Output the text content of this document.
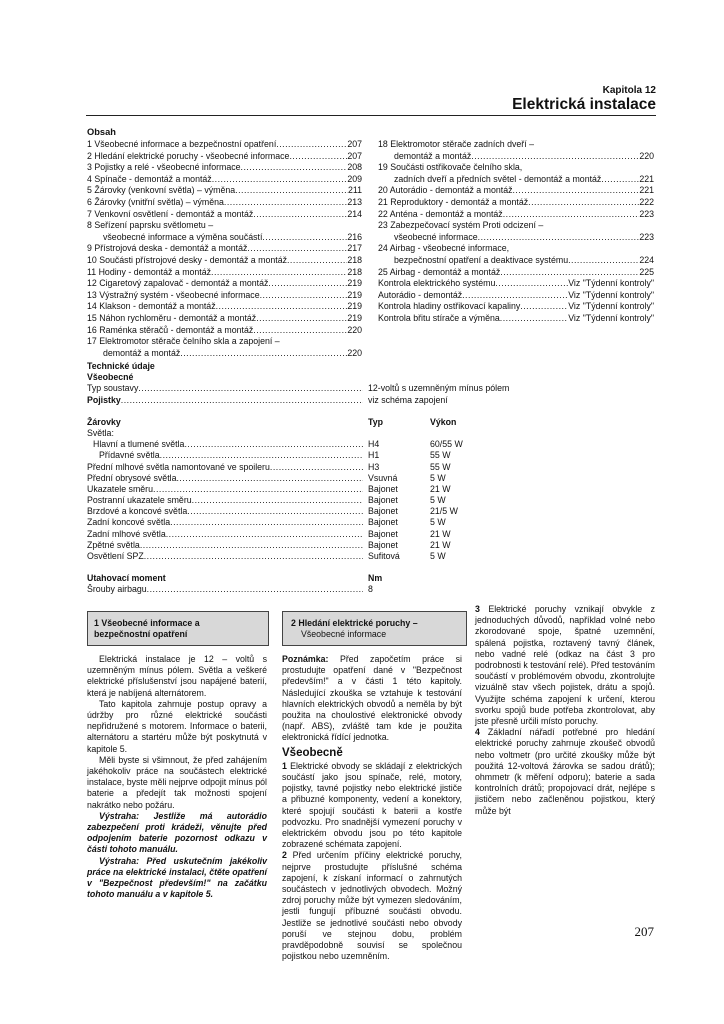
Kapitola 12
Elektrická instalace
Obsah
1 Všeobecné informace a bezpečnostní opatření .....	207
2 Hledání elektrické poruchy - všeobecné informace .....	207
3 Pojistky a relé - všeobecné informace .....	208
4 Spínače - demontáž a montáž .....	209
5 Žárovky (venkovní světla) – výměna .....	211
6 Žárovky (vnitřní světla) – výměna .....	213
7 Venkovní osvětlení - demontáž a montáž .....	214
8 Seřízení paprsku světlometu –
všeobecné informace a výměna součástí .....	216
9 Přístrojová deska - demontáž a montáž .....	217
10 Součásti přístrojové desky - demontáž a montáž .....	218
11 Hodiny - demontáž a montáž .....	218
12 Cigaretový zapalovač - demontáž a montáž .....	219
13 Výstražný systém - všeobecné informace .....	219
14 Klakson - demontáž a montáž .....	219
15 Náhon rychloměru - demontáž a montáž .....	219
16 Raménka stěračů - demontáž a montáž .....	220
17 Elektromotor stěrače čelního skla a zapojení –
demontáž a montáž .....	220
18 Elektromotor stěrače zadních dveří –
demontáž a montáž .....	220
19 Součásti ostřikovače čelního skla,
zadních dveří a předních světel - demontáž a montáž .....	221
20 Autorádio - demontáž a montáž .....	221
21 Reproduktory - demontáž a montáž .....	222
22 Anténa - demontáž a montáž .....	223
23 Zabezpečovací systém Proti odcizení –
všeobecné informace .....	223
24 Airbag - všeobecné informace,
bezpečnostní opatření a deaktivace systému .....	224
25 Airbag - demontáž a montáž .....	225
Kontrola elektrického systému .....	Viz "Týdenní kontroly"
Autorádio - demontáž .....	Viz "Týdenní kontroly"
Kontrola hladiny ostřikovací kapaliny .....	Viz "Týdenní kontroly"
Kontrola břitu stírače a výměna .....	Viz "Týdenní kontroly"
Technické údaje
Všeobecné
Typ soustavy .....	12-voltů s uzemněným mínus pólem
Pojistky .....	viz schéma zapojení
Žárovky	Typ	Výkon
Světla:
Hlavní a tlumené světla .....	H4	60/55 W
Přídavné světla .....	H1	55 W
Přední mlhové světla namontované ve spoileru .....	H3	55 W
Přední obrysové světla .....	Vsuvná	5 W
Ukazatele směru .....	Bajonet	21 W
Postranní ukazatele směru .....	Bajonet	5 W
Brzdové a koncové světla .....	Bajonet	21/5 W
Zadní koncové světla .....	Bajonet	5 W
Zadní mlhové světla .....	Bajonet	21 W
Zpětné světla .....	Bajonet	21 W
Osvětlení SPZ .....	Sufitová	5 W
Utahovací moment	Nm
Šrouby airbagu .....	8
1 Všeobecné informace a
bezpečnostní opatření

Elektrická instalace je 12 – voltů s uzemněným mínus pólem. Světla a veškeré elektrické příslušenství jsou napájené baterií, která je nabíjená alternátorem.

Tato kapitola zahrnuje postup opravy a údržby pro různé elektrické součásti nepřidružené s motorem. Informace o baterii, alternátoru a startéru může být poskytnutá v kapitole 5.

Měli byste si všimnout, že před zahájením jakéhokoliv práce na součástech elektrické instalace, byste měli nejprve odpojit mínus pól baterie a předejít tak možnosti spojení nakrátko nebo požáru.

Výstraha: Jestliže má autorádio zabezpečení proti krádeži, věnujte před odpojením baterie pozornost odkazu v části tohoto manuálu.

Výstraha: Před uskutečním jakékoliv práce na elektrické instalaci, čtěte opatření v "Bezpečnost především!" na začátku tohoto manuálu a v kapitole 5.

2 Hledání elektrické poruchy –
Všeobecné informace

Poznámka: Před započetím práce si prostudujte opatření dané v "Bezpečnost především!" a v části 1 této kapitoly. Následující zkouška se vztahuje k testování hlavních elektrických obvodů a neměla by být použita na choulostivé elektronické obvody (např. ABS), zvláště tam kde je použita elektronická řídící jednotka.

Všeobecně

1 Elektrické obvody se skládají z elektrických součástí jako jsou spínače, relé, motory, pojistky, tavné pojistky nebo elektrické jističe a přibuzné komponenty, vedení a konektory, které spojují součásti k baterii a kostře podvozku. Pro snadnější vymezení poruchy v elektrickém obvodu jsou po této kapitole zobrazené schémata zapojení.

2 Před určením příčiny elektrické poruchy, nejprve prostudujte příslušné schéma zapojení, k získaní informací o zahrnutých součástech v jednotlivých obvodech. Možný zdroj poruchy může být vymezen sledováním, jestli fungují příbuzné součásti obvodu. Jestliže se jednotlivé součásti nebo obvody poruší ve stejnou dobu, problém pravděpodobně souvisí se společnou pojistkou nebo uzemněním.

3 Elektrické poruchy vznikají obvykle z jednoduchých důvodů, například volné nebo zkorodované spoje, špatné uzemnění, spálená pojistka, roztavený tavný článek, nebo vadné relé (odkaz na část 3 pro podrobnosti k testování relé). Před testováním součástí v problémovém obvodu, zkontrolujte vizuálně stav všech pojistek, drátu a spojů. Využijte schéma zapojení k určení, kterou svorku spojů bude potřeba zkontrolovat, aby jste přesně určili místo poruchy.

4 Základní nářadí potřebné pro hledání elektrické poruchy zahrnuje zkoušeč obvodů nebo voltmetr (pro určité zkoušky může být použitá 12-voltová žárovka se sadou drátů); ohmmetr (k měření odporu); baterie a sada kontrolních drátů; propojovací drát, nejlépe s jističem nebo začleněnou pojistkou, který může být

207
